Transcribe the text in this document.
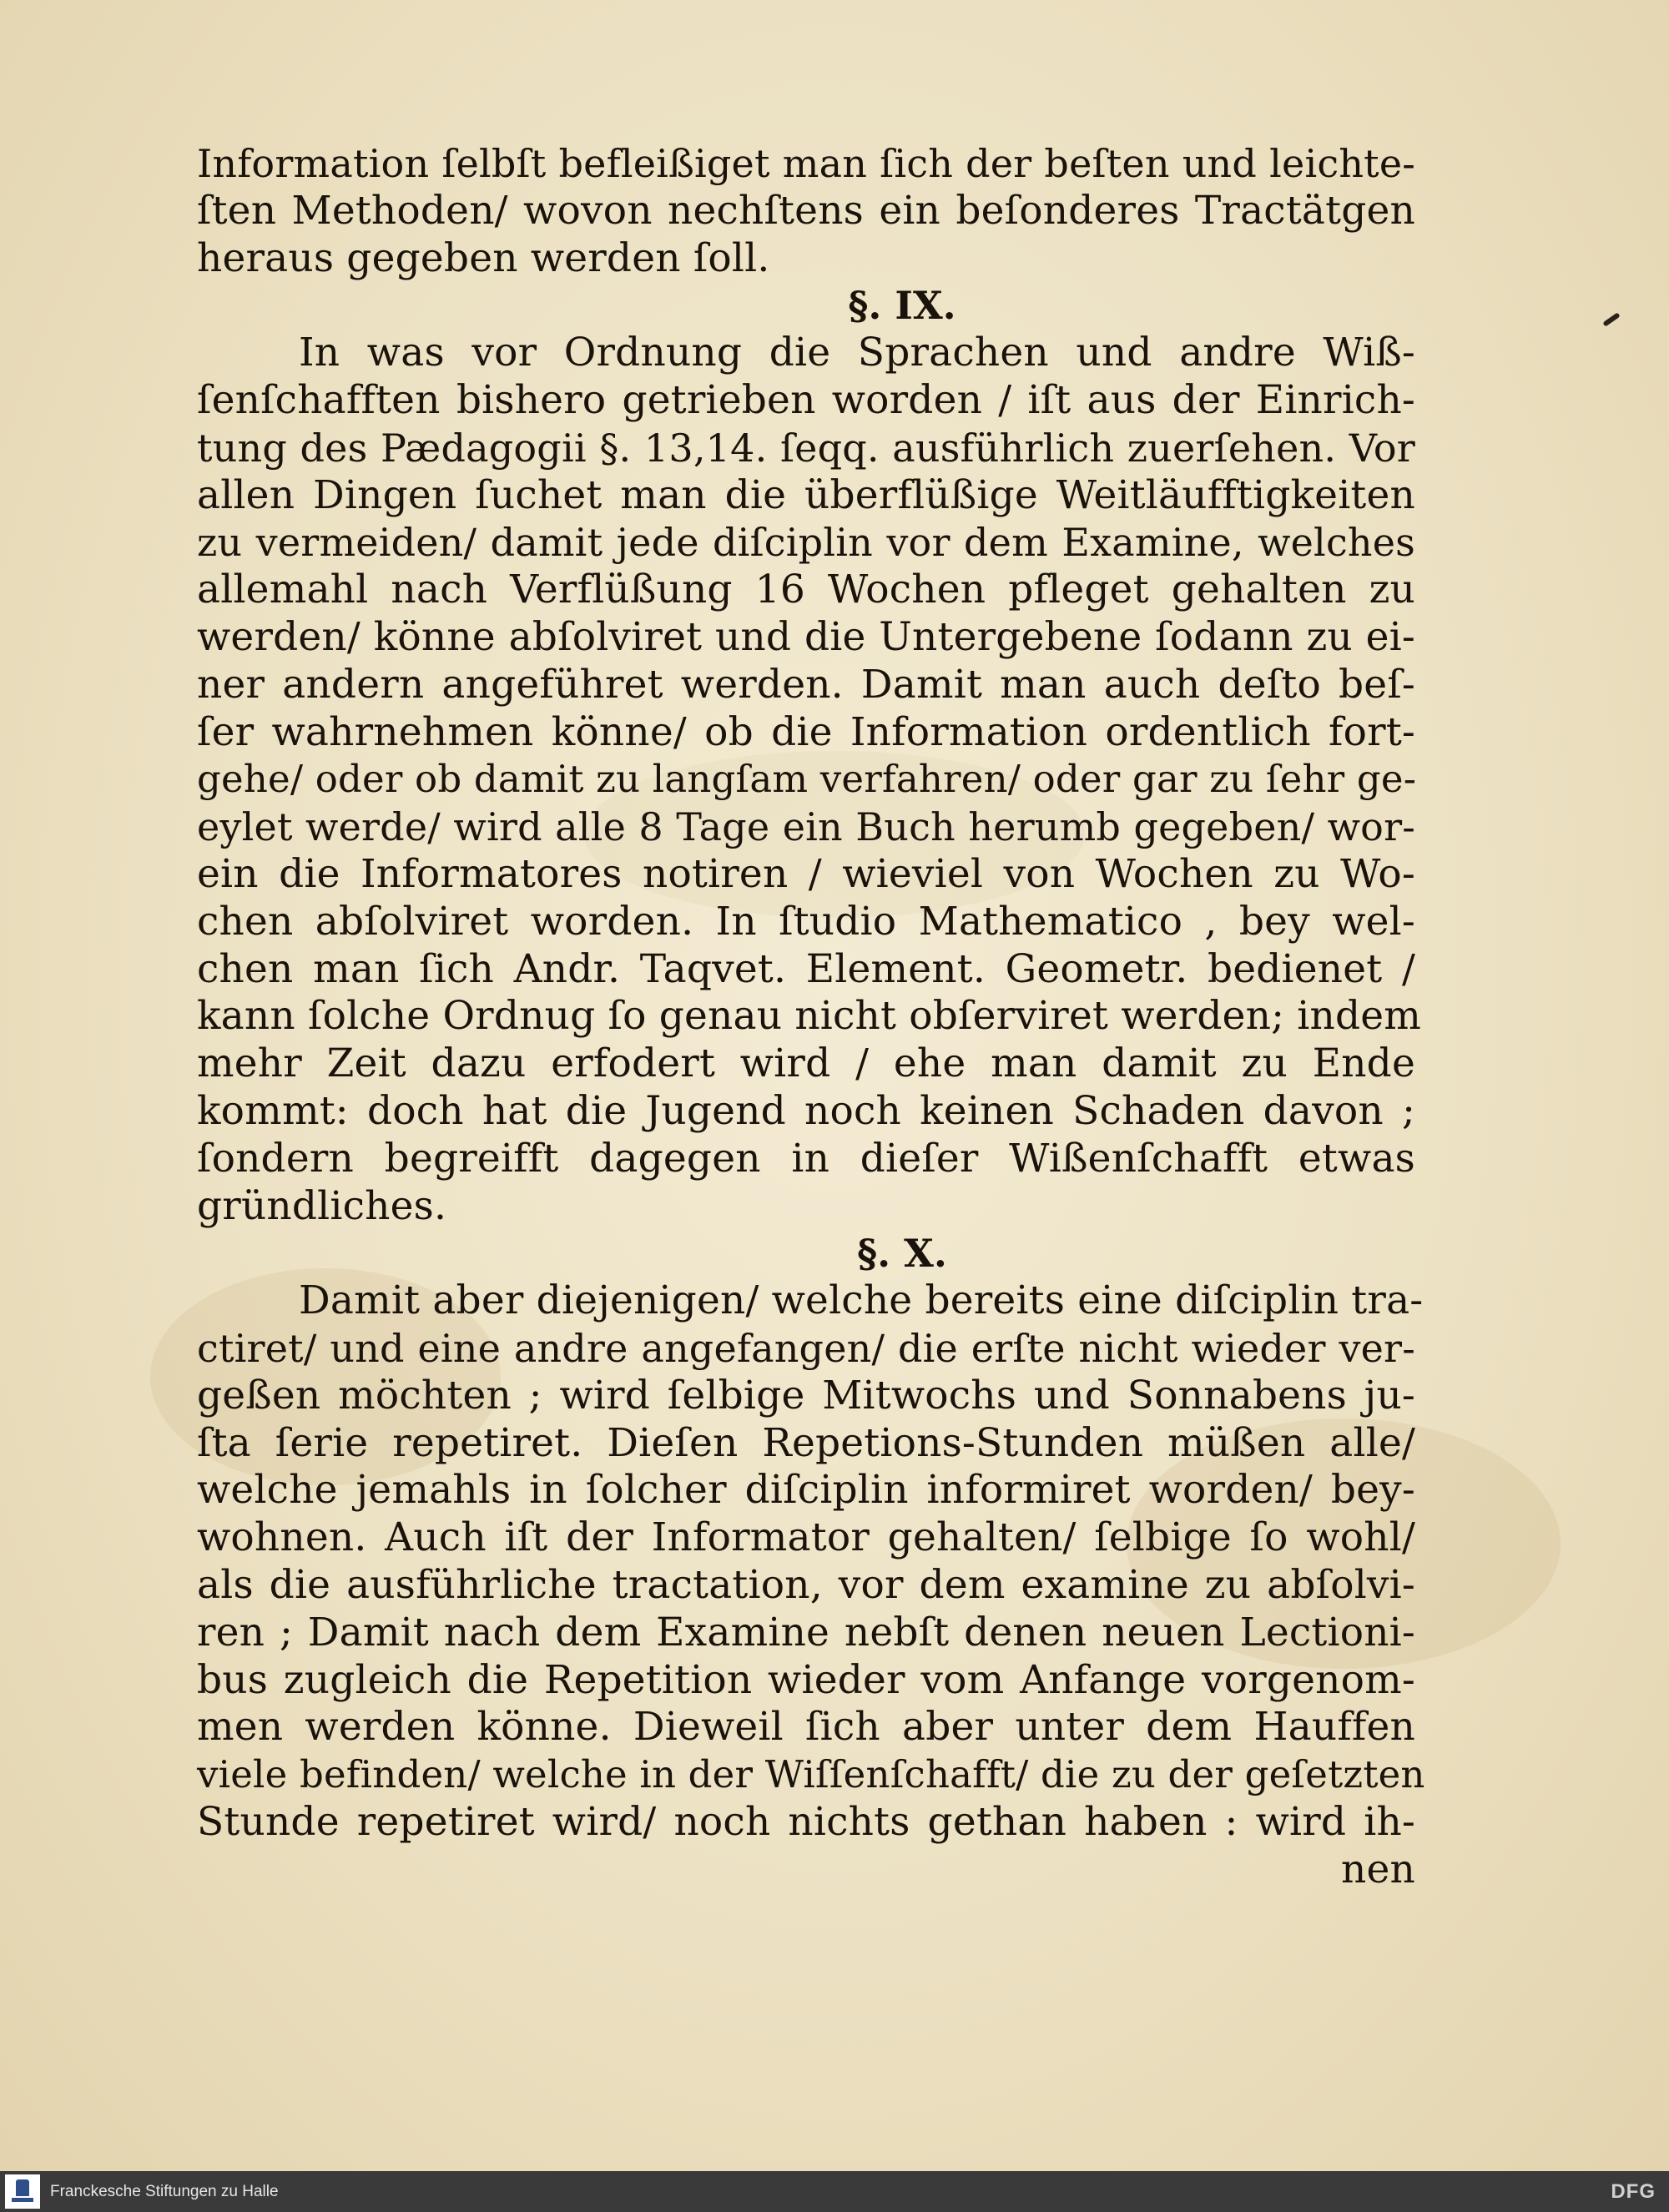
Information ſelbſt befleißiget man ſich der beſten und leichte-
ſten Methoden/ wovon nechſtens ein beſonderes Tractätgen
heraus gegeben werden ſoll.
§. IX.
In was vor Ordnung die Sprachen und andre Wiß-
ſenſchafften bishero getrieben worden / iſt aus der Einrich-
tung des Pædagogii §. 13,14. ſeqq. ausführlich zuerſehen. Vor
allen Dingen ſuchet man die überflüßige Weitläufftigkeiten
zu vermeiden/ damit jede diſciplin vor dem Examine, welches
allemahl nach Verflüßung 16 Wochen pfleget gehalten zu
werden/ könne abſolviret und die Untergebene ſodann zu ei-
ner andern angeführet werden. Damit man auch deſto beſ-
ſer wahrnehmen könne/ ob die Information ordentlich fort-
gehe/ oder ob damit zu langſam verfahren/ oder gar zu ſehr ge-
eylet werde/ wird alle 8 Tage ein Buch herumb gegeben/ wor-
ein die Informatores notiren / wieviel von Wochen zu Wo-
chen abſolviret worden. In ſtudio Mathematico , bey wel-
chen man ſich Andr. Taqvet. Element. Geometr. bedienet /
kann ſolche Ordnug ſo genau nicht obſerviret werden; indem
mehr Zeit dazu erfodert wird / ehe man damit zu Ende
kommt: doch hat die Jugend noch keinen Schaden davon ;
ſondern begreifft dagegen in dieſer Wißenſchafft etwas
gründliches.
§. X.
Damit aber diejenigen/ welche bereits eine diſciplin tra-
ctiret/ und eine andre angefangen/ die erſte nicht wieder ver-
geßen möchten ; wird ſelbige Mitwochs und Sonnabens ju-
ſta ſerie repetiret. Dieſen Repetions-Stunden müßen alle/
welche jemahls in ſolcher diſciplin informiret worden/ bey-
wohnen. Auch iſt der Informator gehalten/ ſelbige ſo wohl/
als die ausführliche tractation, vor dem examine zu abſolvi-
ren ; Damit nach dem Examine nebſt denen neuen Lectioni-
bus zugleich die Repetition wieder vom Anfange vorgenom-
men werden könne. Dieweil ſich aber unter dem Hauffen
viele befinden/ welche in der Wiſſenſchafft/ die zu der geſetzten
Stunde repetiret wird/ noch nichts gethan haben : wird ih-
nen
Franckesche Stiftungen zu Halle	DFG
